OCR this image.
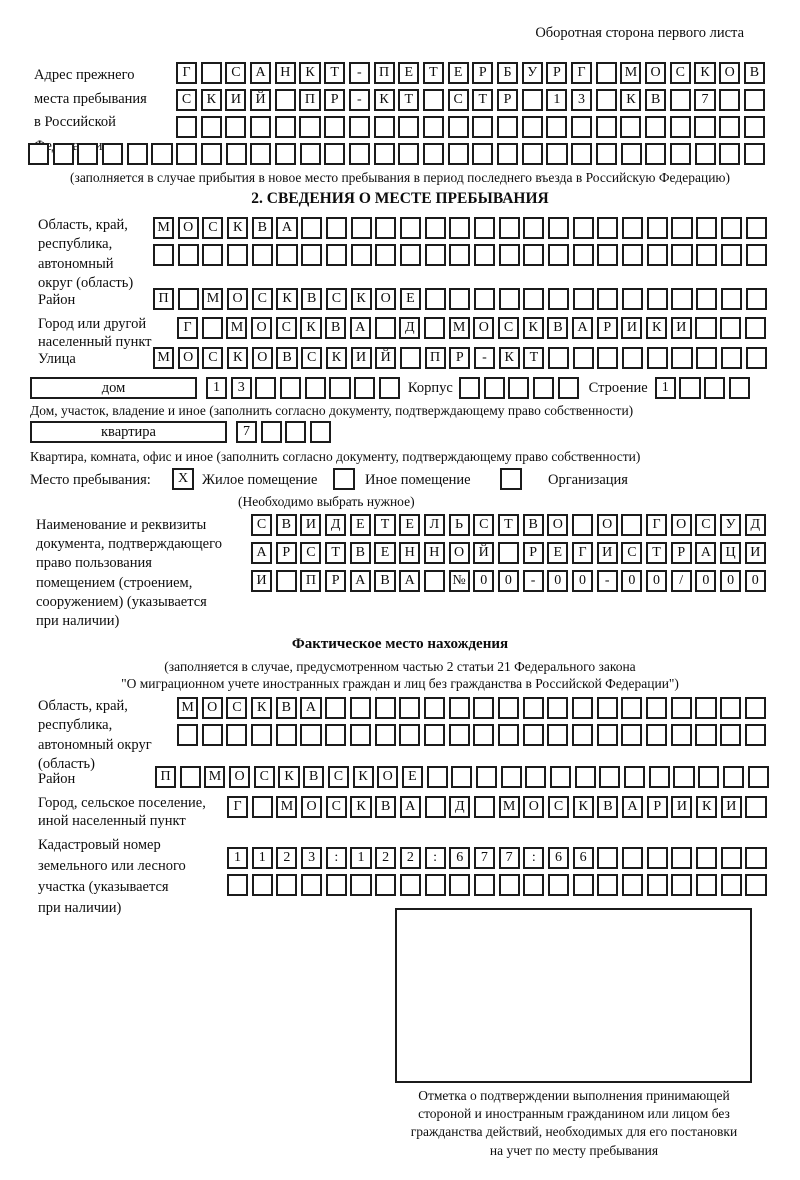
Оборотная сторона первого листа
Адрес прежнего
места пребывания
в Российской
Г	С	А	Н	К	Т	-	П	Е	Т	Е	Р	Б	У	Р	Г	М О	С	К	О	В
С	К	И	Й	П	Р	-	К	Т	С	Т	Р	1	3	К	В	7
(заполняется в случае прибытия в новое место пребывания в период последнего въезда в Российскую Федерацию)
2. СВЕДЕНИЯ О МЕСТЕ ПРЕБЫВАНИЯ
Область, край,
республика,
автономный
округ (область)
М О	С	К	В	А
Район	П	М О	С	К	В	С	К	О	Е
Город или другой
населенный пункт
Г	М О	С	К	В	А	Д	М О	С	К	В	А	Р	И	К	И
Улица	М О	С	К	О	В	С	К	И	Й	П	Р	-	К	Т
дом	1	3	Корпус	Строение	1
Дом, участок, владение и иное (заполнить согласно документу, подтверждающему право собственности)
квартира	7
Квартира, комната, офис и иное (заполнить согласно документу, подтверждающему право собственности)
Место пребывания:	X Жилое помещение	Иное помещение	Организация
(Необходимо выбрать нужное)
Наименование и реквизиты
документа, подтверждающего
право пользования
помещением (строением,
сооружением) (указывается
при наличии)
С	В	И	Д	Е	Т	Е	Л	Ь	С	Т	В	О	О	Г	О	С	У	Д
А	Р	С	Т	В	Е	Н	Н	О	Й	Р	Е	Г	И	С	Т	Р	А	Ц	И
И	П	Р	А	В	А	№	0	0	-	0	0	-	0	0	/	0	0	0
Фактическое место нахождения
(заполняется в случае, предусмотренном частью 2 статьи 21 Федерального закона
"О миграционном учете иностранных граждан и лиц без гражданства в Российской Федерации")
Область, край,
республика,
автономный округ
(область)
М О	С	К	В	А
Район	П	М О	С	К	В	С	К	О	Е
Город, сельское поселение,
иной населенный пункт
Г	М О	С	К	В	А	Д	М О	С	К	В	А	Р	И	К	И
Кадастровый номер
земельного или лесного
участка (указывается
при наличии)
1	1	2	3	:	1	2	2	:	6	7	7	:	6	6
Отметка о подтверждении выполнения принимающей
стороной и иностранным гражданином или лицом без
гражданства действий, необходимых для его постановки
на учет по месту пребывания
